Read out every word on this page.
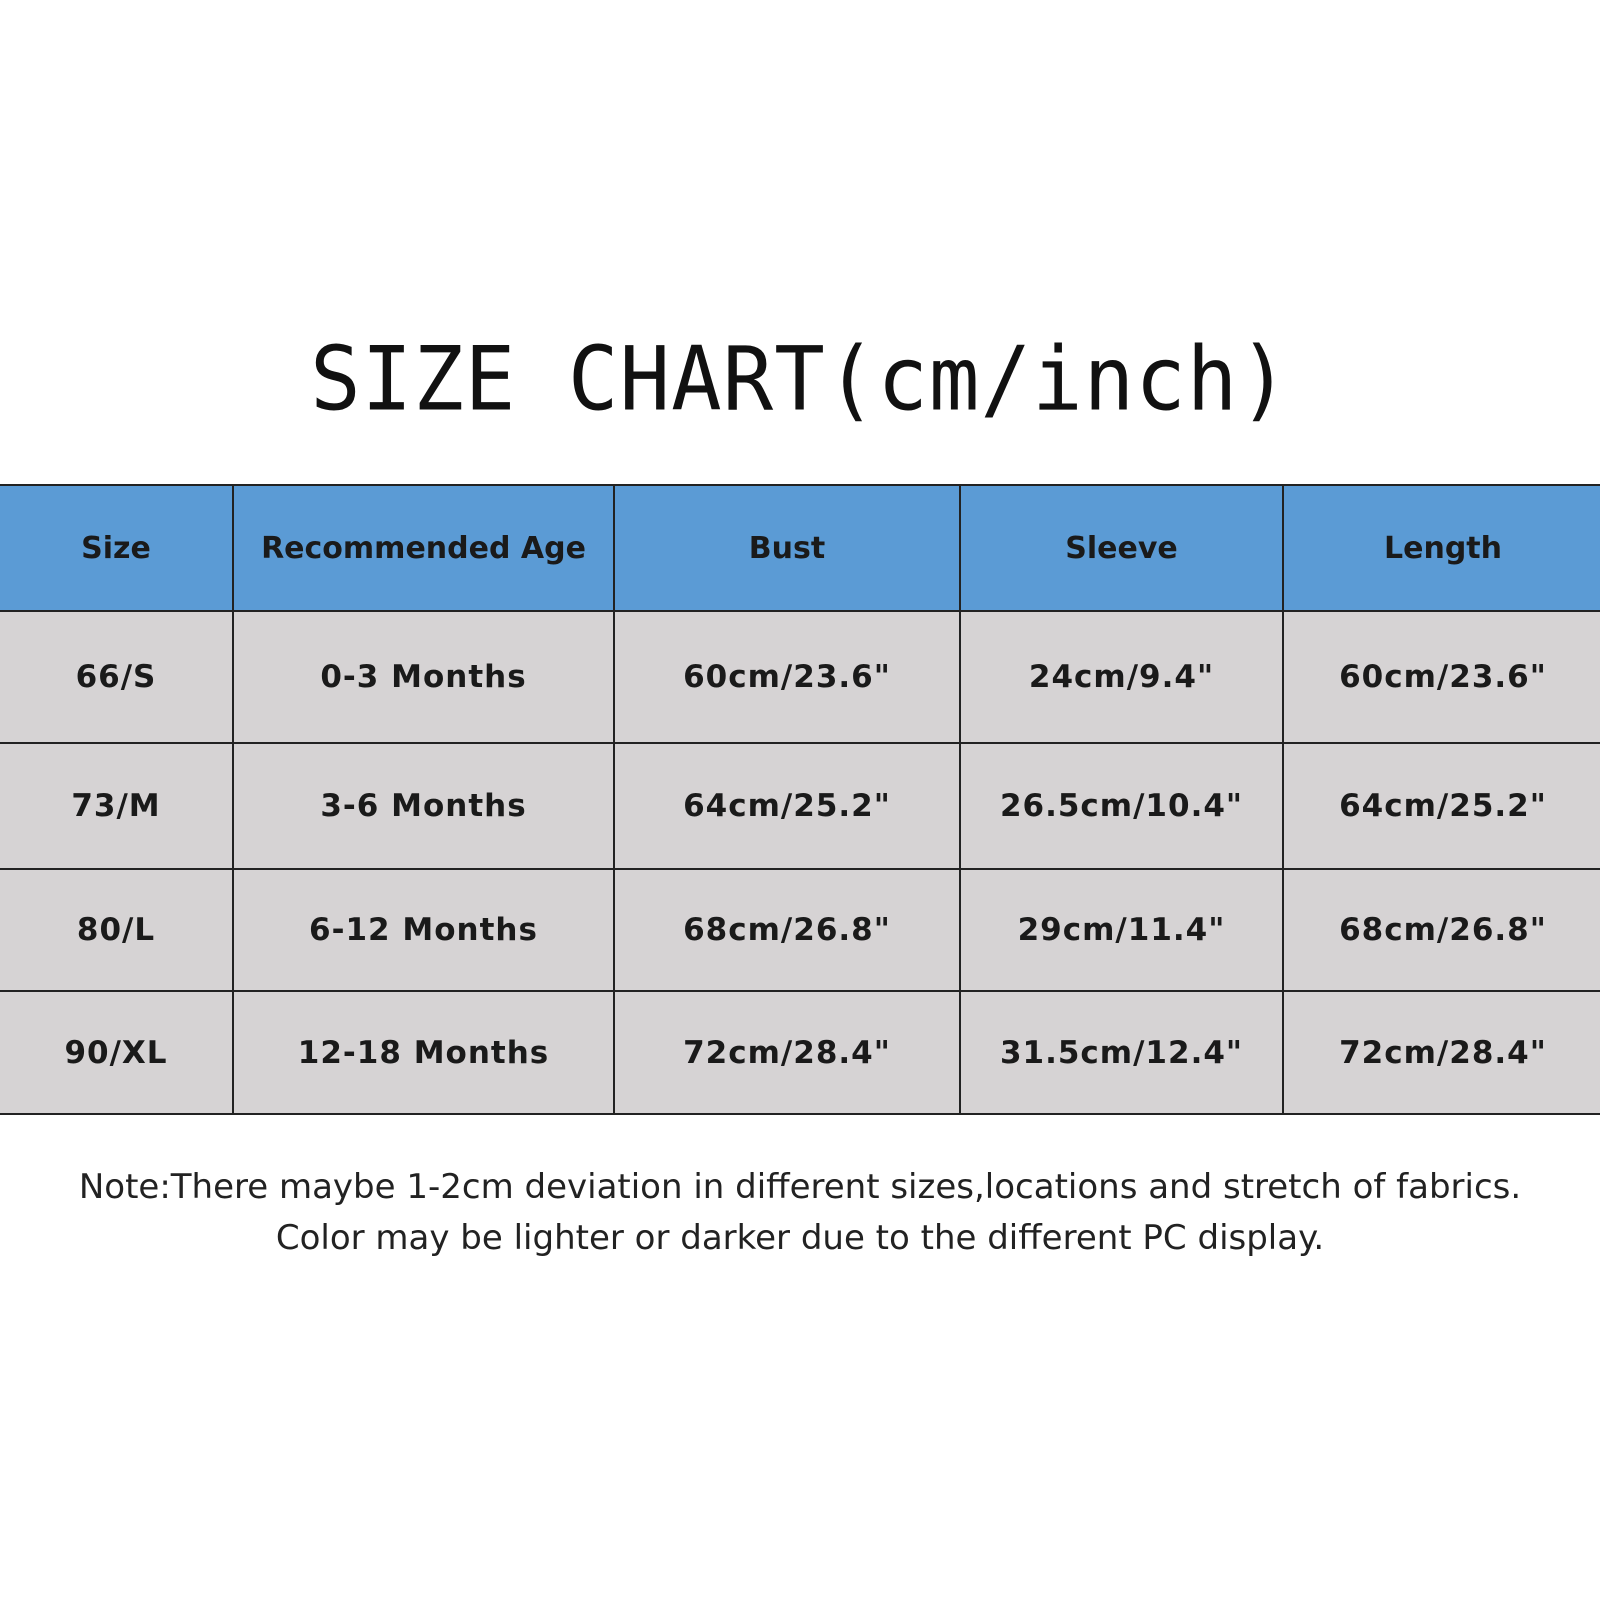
SIZE CHART(cm/inch)
Size	Recommended Age	Bust	Sleeve	Length
66/S	0-3 Months	60cm/23.6"	24cm/9.4"	60cm/23.6"
73/M	3-6 Months	64cm/25.2"	26.5cm/10.4"	64cm/25.2"
80/L	6-12 Months	68cm/26.8"	29cm/11.4"	68cm/26.8"
90/XL	12-18 Months	72cm/28.4"	31.5cm/12.4"	72cm/28.4"
Note:There maybe 1-2cm deviation in different sizes,locations and stretch of fabrics.
Color may be lighter or darker due to the different PC display.
